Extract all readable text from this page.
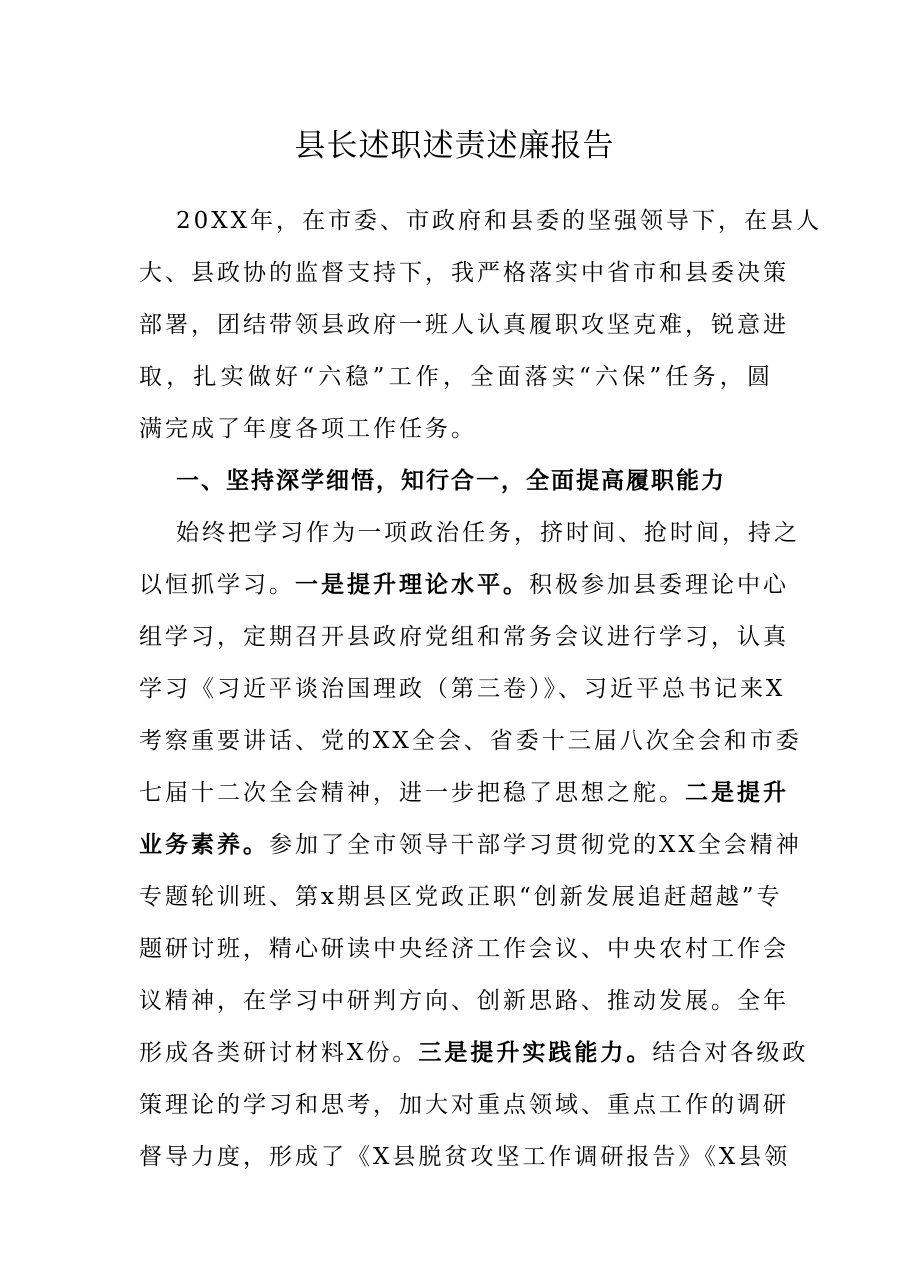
县长述职述责述廉报告
20XX年，在市委、市政府和县委的坚强领导下，在县人
大、县政协的监督支持下，我严格落实中省市和县委决策
部署，团结带领县政府一班人认真履职攻坚克难，锐意进
取，扎实做好“六稳”工作，全面落实“六保”任务，圆
满完成了年度各项工作任务。
一、坚持深学细悟，知行合一，全面提高履职能力
始终把学习作为一项政治任务，挤时间、抢时间，持之
以恒抓学习。一是提升理论水平。积极参加县委理论中心
组学习，定期召开县政府党组和常务会议进行学习，认真
学习《习近平谈治国理政（第三卷）》、习近平总书记来X
考察重要讲话、党的XX全会、省委十三届八次全会和市委
七届十二次全会精神，进一步把稳了思想之舵。二是提升
业务素养。参加了全市领导干部学习贯彻党的XX全会精神
专题轮训班、第x期县区党政正职“创新发展追赶超越”专
题研讨班，精心研读中央经济工作会议、中央农村工作会
议精神，在学习中研判方向、创新思路、推动发展。全年
形成各类研讨材料X份。三是提升实践能力。结合对各级政
策理论的学习和思考，加大对重点领域、重点工作的调研
督导力度，形成了《X县脱贫攻坚工作调研报告》《X县领
